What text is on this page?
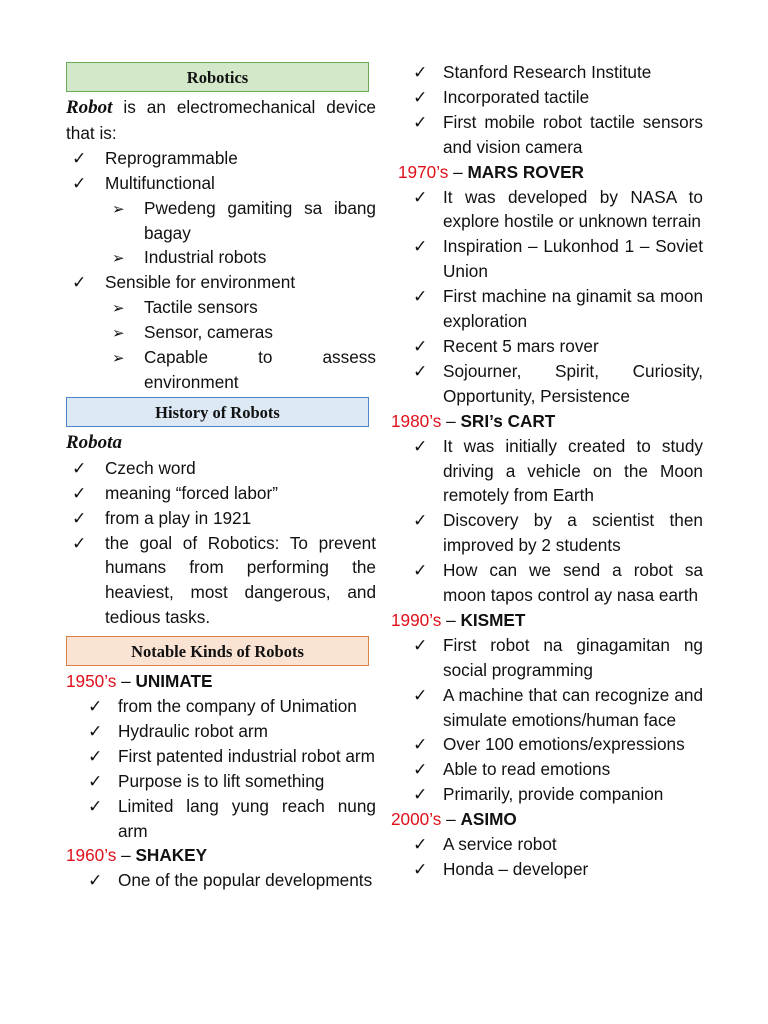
Robotics

Robot is an electromechanical device that is:

✓
Reprogrammable
✓
Multifunctional
➢
Pwedeng gamiting sa ibang bagay
➢
Industrial robots
✓
Sensible for environment
➢
Tactile sensors
➢
Sensor, cameras
➢
Capable to assess environment
History of Robots

Robota

✓
Czech word
✓
meaning “forced labor”
✓
from a play in 1921
✓
the goal of Robotics: To prevent humans from performing the heaviest, most dangerous, and tedious tasks.
Notable Kinds of Robots

1950’s – UNIMATE

✓
from the company of Unimation
✓
Hydraulic robot arm
✓
First patented industrial robot arm
✓
Purpose is to lift something
✓
Limited lang yung reach nung arm

1960’s – SHAKEY

✓
One of the popular developments
✓
Stanford Research Institute
✓
Incorporated tactile
✓
First mobile robot tactile sensors and vision camera

1970’s – MARS ROVER

✓
It was developed by NASA to explore hostile or unknown terrain
✓
Inspiration – Lukonhod 1 – Soviet Union
✓
First machine na ginamit sa moon exploration
✓
Recent 5 mars rover
✓
Sojourner, Spirit, Curiosity, Opportunity, Persistence

1980’s – SRI’s CART

✓
It was initially created to study driving a vehicle on the Moon remotely from Earth
✓
Discovery by a scientist then improved by 2 students
✓
How can we send a robot sa moon tapos control ay nasa earth

1990’s – KISMET

✓
First robot na ginagamitan ng social programming
✓
A machine that can recognize and simulate emotions/human face
✓
Over 100 emotions/expressions
✓
Able to read emotions
✓
Primarily, provide companion

2000’s – ASIMO

✓
A service robot
✓
Honda – developer
